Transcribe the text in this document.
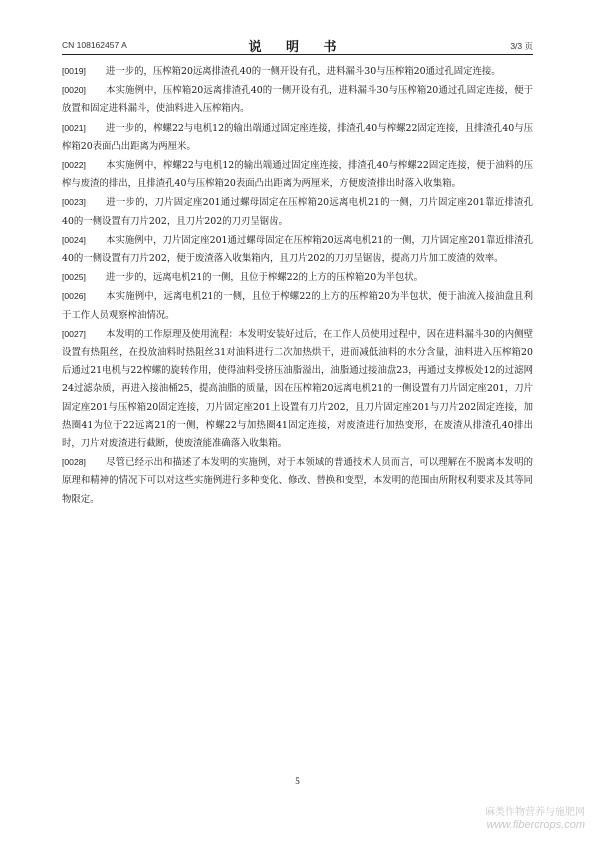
CN 108162457 A	说 明 书	3/3 页

[0019] 进一步的，压榨箱20远离排渣孔40的一侧开设有孔，进料漏斗30与压榨箱20通过孔固定连接。

[0020] 本实施例中，压榨箱20远离排渣孔40的一侧开设有孔，进料漏斗30与压榨箱20通过孔固定连接，便于放置和固定进料漏斗，使油料进入压榨箱内。

[0021] 进一步的，榨螺22与电机12的输出端通过固定座连接，排渣孔40与榨螺22固定连接，且排渣孔40与压榨箱20表面凸出距离为两厘米。

[0022] 本实施例中，榨螺22与电机12的输出端通过固定座连接，排渣孔40与榨螺22固定连接，便于油料的压榨与废渣的排出，且排渣孔40与压榨箱20表面凸出距离为两厘米，方便废渣排出时落入收集箱。

[0023] 进一步的，刀片固定座201通过螺母固定在压榨箱20远离电机21的一侧，刀片固定座201靠近排渣孔40的一侧设置有刀片202，且刀片202的刀刃呈锯齿。

[0024] 本实施例中，刀片固定座201通过螺母固定在压榨箱20远离电机21的一侧，刀片固定座201靠近排渣孔40的一侧设置有刀片202，便于废渣落入收集箱内，且刀片202的刀刃呈锯齿，提高刀片加工废渣的效率。

[0025] 进一步的，远离电机21的一侧，且位于榨螺22的上方的压榨箱20为半包状。

[0026] 本实施例中，远离电机21的一侧，且位于榨螺22的上方的压榨箱20为半包状，便于油流入接油盘且利于工作人员观察榨油情况。

[0027] 本发明的工作原理及使用流程：本发明安装好过后，在工作人员使用过程中，因在进料漏斗30的内侧壁设置有热阻丝，在投放油料时热阻丝31对油料进行二次加热烘干，进而减低油料的水分含量，油料进入压榨箱20后通过21电机与22榨螺的旋转作用，使得油料受挤压油脂溢出，油脂通过接油盘23，再通过支撑板处12的过滤网24过滤杂质，再进入接油桶25，提高油脂的质量，因在压榨箱20远离电机21的一侧设置有刀片固定座201，刀片固定座201与压榨箱20固定连接，刀片固定座201上设置有刀片202，且刀片固定座201与刀片202固定连接，加热圈41为位于22远离21的一侧，榨螺22与加热圈41固定连接，对废渣进行加热变形，在废渣从排渣孔40排出时，刀片对废渣进行截断，使废渣能准确落入收集箱。

[0028] 尽管已经示出和描述了本发明的实施例，对于本领域的普通技术人员而言，可以理解在不脱离本发明的原理和精神的情况下可以对这些实施例进行多种变化、修改、替换和变型，本发明的范围由所附权利要求及其等同物限定。

5
麻类作物营养与施肥网
www.fibercrops.com
